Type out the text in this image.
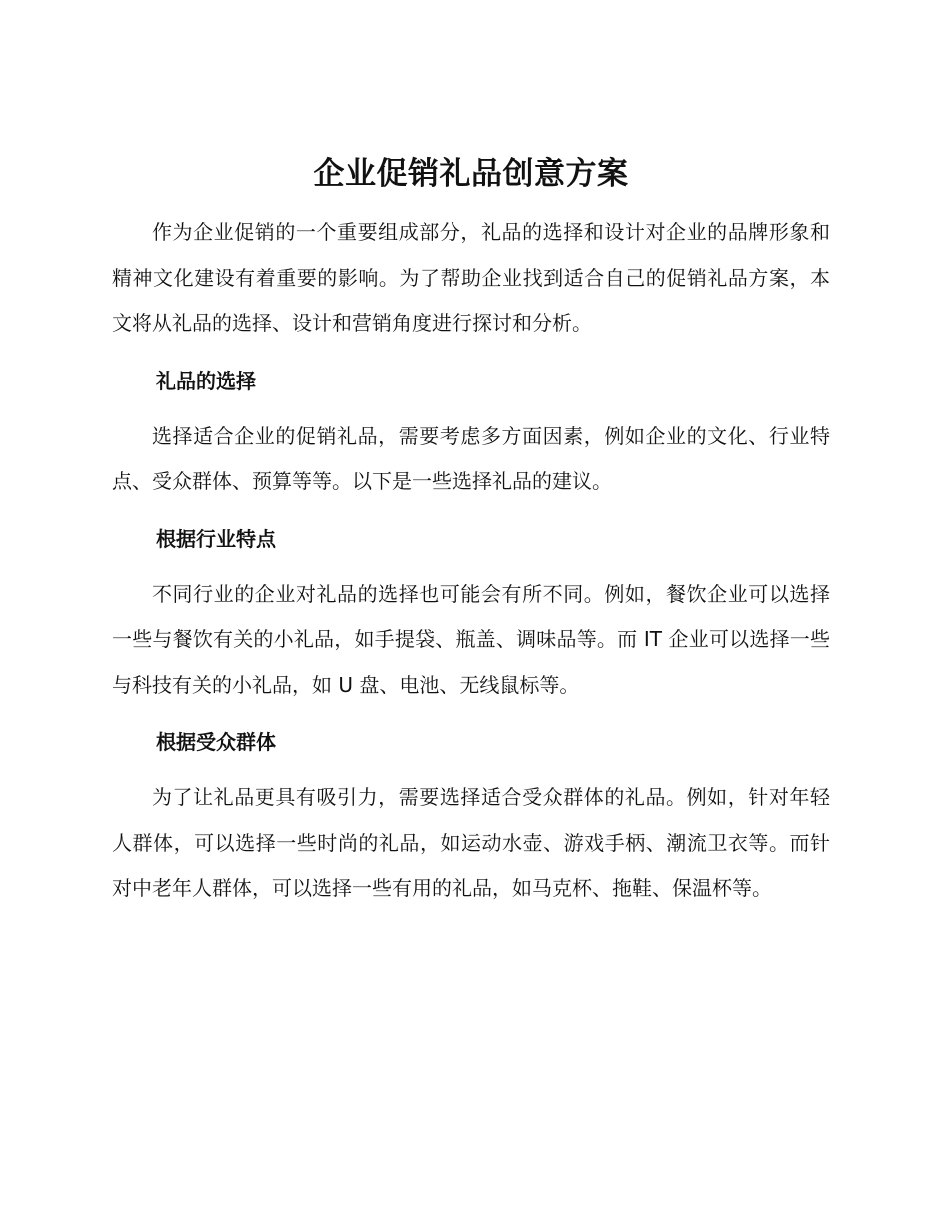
企业促销礼品创意方案

作为企业促销的一个重要组成部分，礼品的选择和设计对企业的品牌形象和精神文化建设有着重要的影响。为了帮助企业找到适合自己的促销礼品方案，本文将从礼品的选择、设计和营销角度进行探讨和分析。

礼品的选择

选择适合企业的促销礼品，需要考虑多方面因素，例如企业的文化、行业特点、受众群体、预算等等。以下是一些选择礼品的建议。

根据行业特点

不同行业的企业对礼品的选择也可能会有所不同。例如，餐饮企业可以选择一些与餐饮有关的小礼品，如手提袋、瓶盖、调味品等。而 IT 企业可以选择一些与科技有关的小礼品，如 U 盘、电池、无线鼠标等。

根据受众群体

为了让礼品更具有吸引力，需要选择适合受众群体的礼品。例如，针对年轻人群体，可以选择一些时尚的礼品，如运动水壶、游戏手柄、潮流卫衣等。而针对中老年人群体，可以选择一些有用的礼品，如马克杯、拖鞋、保温杯等。
